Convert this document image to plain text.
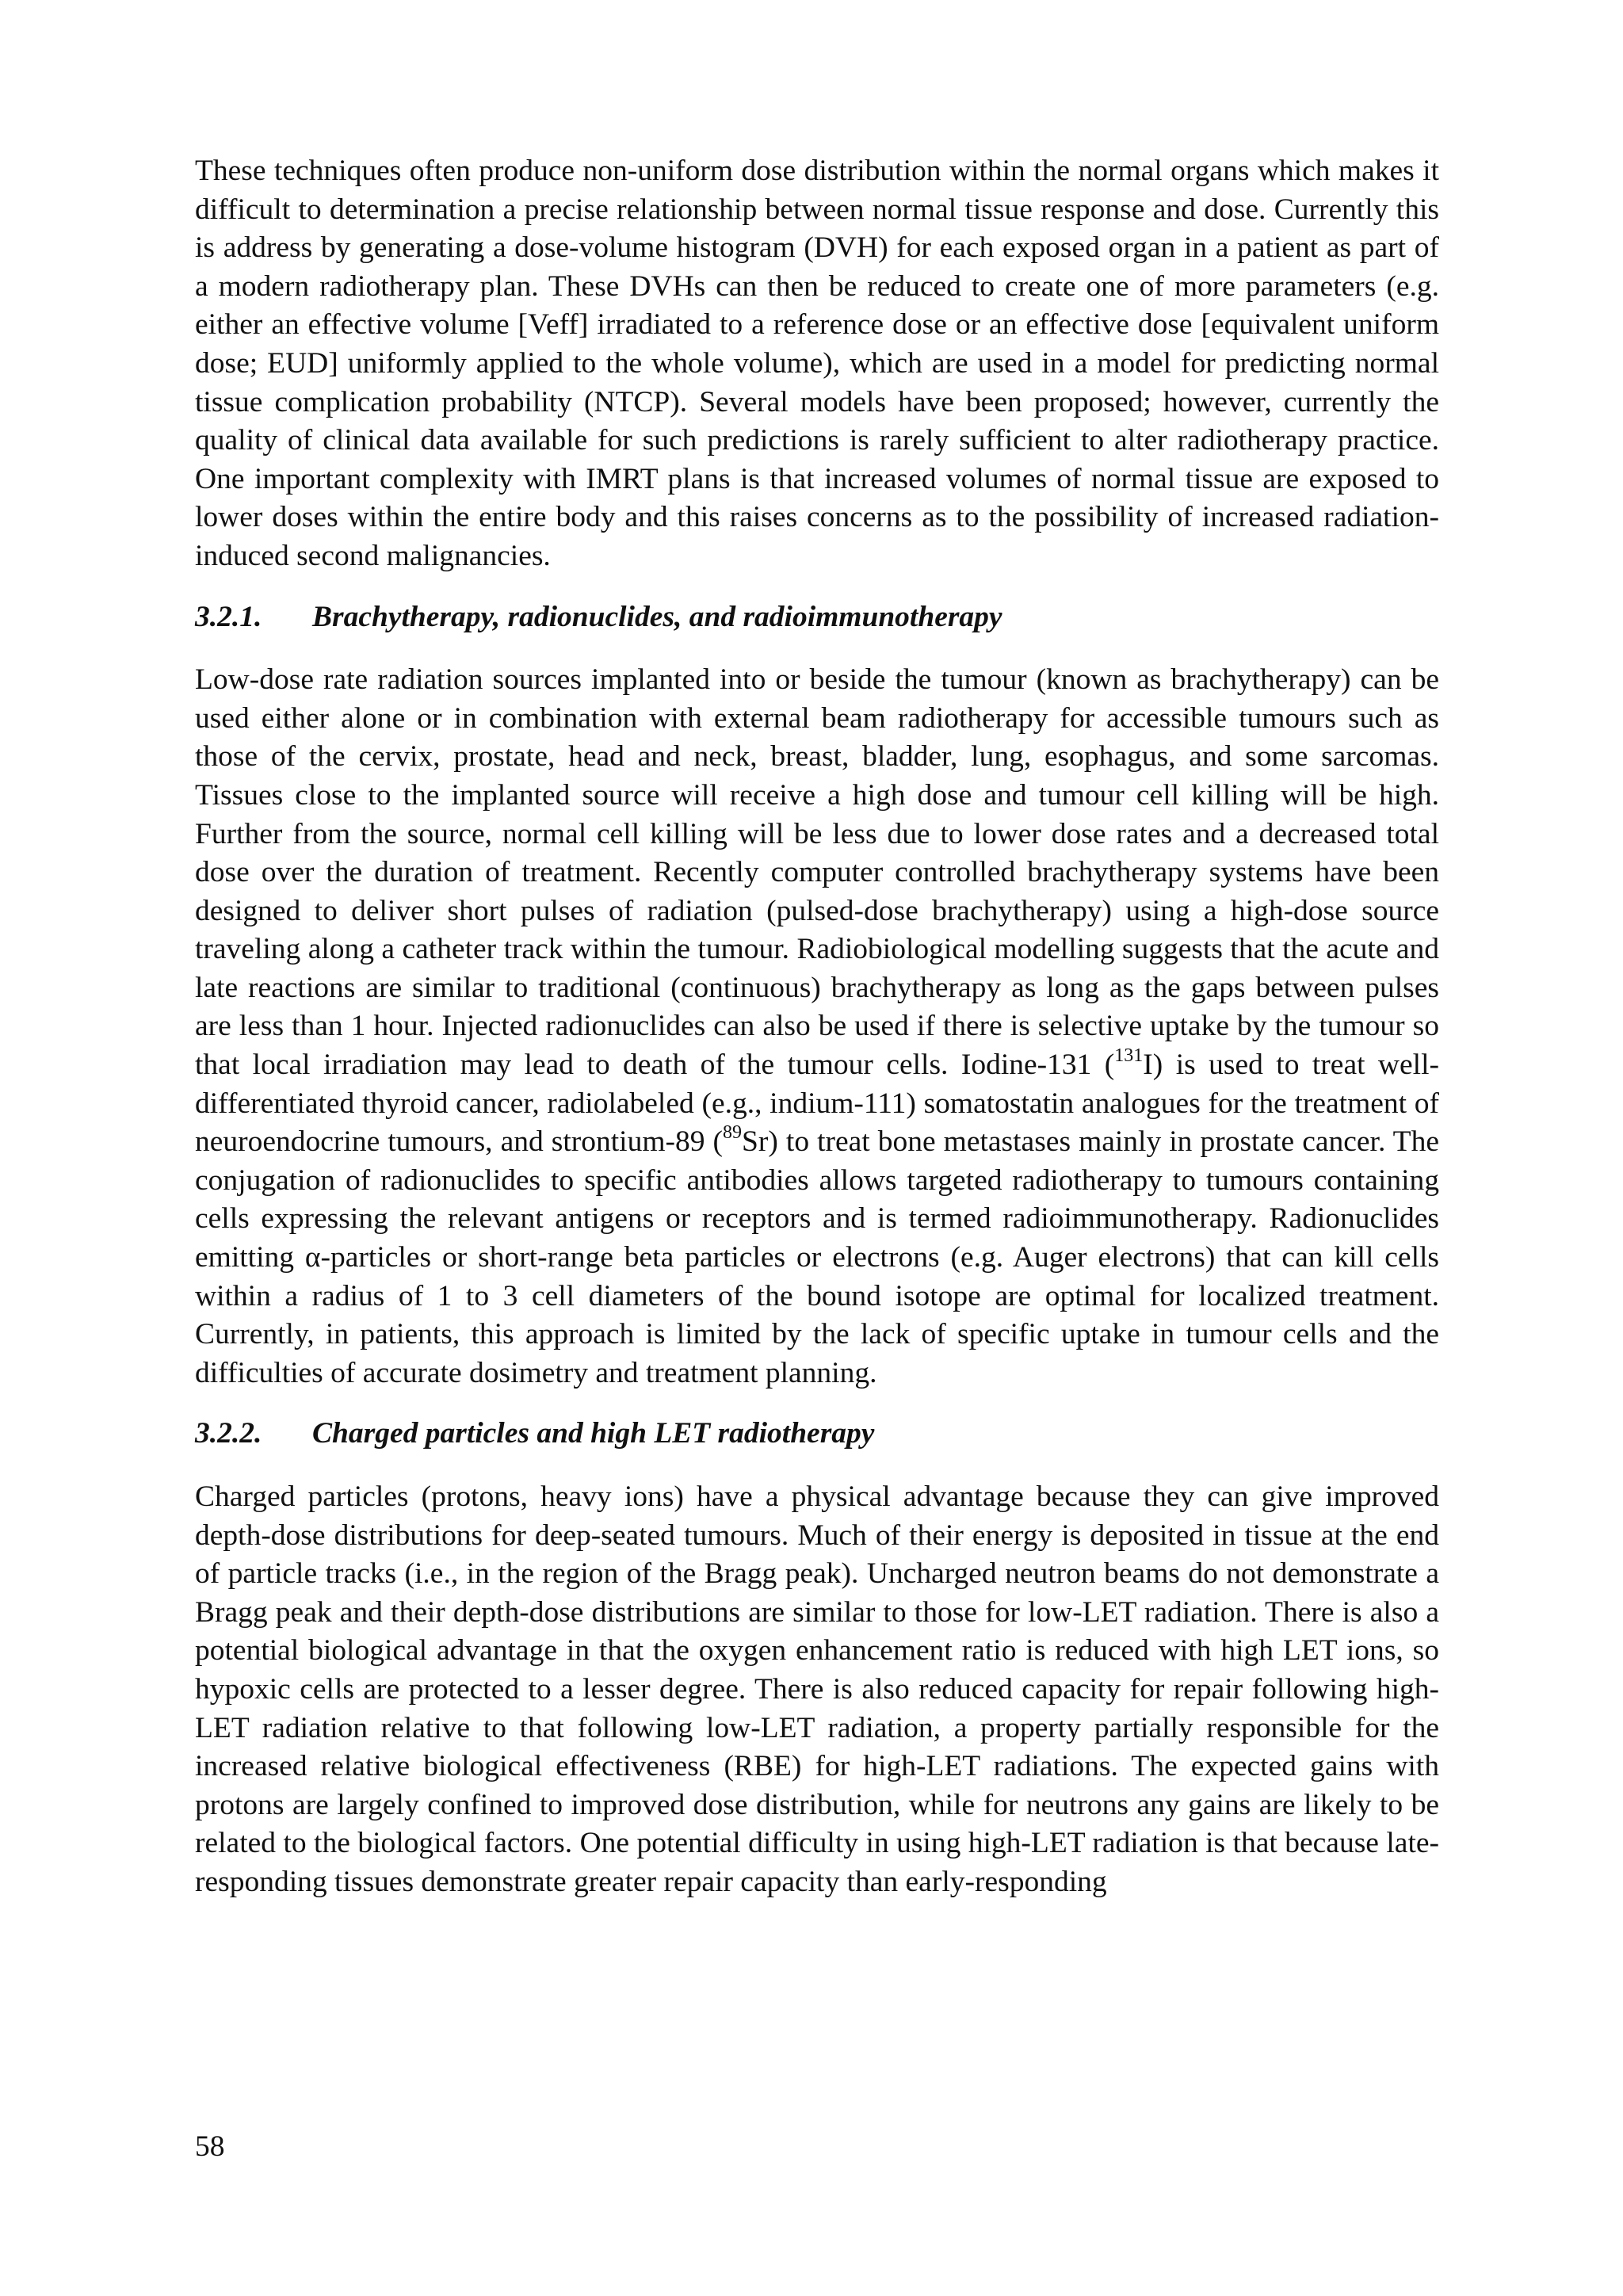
These techniques often produce non-uniform dose distribution within the normal organs which makes it difficult to determination a precise relationship between normal tissue response and dose. Currently this is address by generating a dose-volume histogram (DVH) for each exposed organ in a patient as part of a modern radiotherapy plan. These DVHs can then be reduced to create one of more parameters (e.g. either an effective volume [Veff] irradiated to a reference dose or an effective dose [equivalent uniform dose; EUD] uniformly applied to the whole volume), which are used in a model for predicting normal tissue complication probability (NTCP). Several models have been proposed; however, currently the quality of clinical data available for such predictions is rarely sufficient to alter radiotherapy practice. One important complexity with IMRT plans is that increased volumes of normal tissue are exposed to lower doses within the entire body and this raises concerns as to the possibility of increased radiation-induced second malignancies.

3.2.1.	Brachytherapy, radionuclides, and radioimmunotherapy

Low-dose rate radiation sources implanted into or beside the tumour (known as brachytherapy) can be used either alone or in combination with external beam radiotherapy for accessible tumours such as those of the cervix, prostate, head and neck, breast, bladder, lung, esophagus, and some sarcomas. Tissues close to the implanted source will receive a high dose and tumour cell killing will be high. Further from the source, normal cell killing will be less due to lower dose rates and a decreased total dose over the duration of treatment. Recently computer controlled brachytherapy systems have been designed to deliver short pulses of radiation (pulsed-dose brachytherapy) using a high-dose source traveling along a catheter track within the tumour. Radiobiological modelling suggests that the acute and late reactions are similar to traditional (continuous) brachytherapy as long as the gaps between pulses are less than 1 hour. Injected radionuclides can also be used if there is selective uptake by the tumour so that local irradiation may lead to death of the tumour cells. Iodine-131 ($^{131}$I) is used to treat well-differentiated thyroid cancer, radiolabeled (e.g., indium-111) somatostatin analogues for the treatment of neuroendocrine tumours, and strontium-89 ($^{89}$Sr) to treat bone metastases mainly in prostate cancer. The conjugation of radionuclides to specific antibodies allows targeted radiotherapy to tumours containing cells expressing the relevant antigens or receptors and is termed radioimmunotherapy. Radionuclides emitting α-particles or short-range beta particles or electrons (e.g. Auger electrons) that can kill cells within a radius of 1 to 3 cell diameters of the bound isotope are optimal for localized treatment. Currently, in patients, this approach is limited by the lack of specific uptake in tumour cells and the difficulties of accurate dosimetry and treatment planning.

3.2.2.	Charged particles and high LET radiotherapy

Charged particles (protons, heavy ions) have a physical advantage because they can give improved depth-dose distributions for deep-seated tumours. Much of their energy is deposited in tissue at the end of particle tracks (i.e., in the region of the Bragg peak). Uncharged neutron beams do not demonstrate a Bragg peak and their depth-dose distributions are similar to those for low-LET radiation. There is also a potential biological advantage in that the oxygen enhancement ratio is reduced with high LET ions, so hypoxic cells are protected to a lesser degree. There is also reduced capacity for repair following high-LET radiation relative to that following low-LET radiation, a property partially responsible for the increased relative biological effectiveness (RBE) for high-LET radiations. The expected gains with protons are largely confined to improved dose distribution, while for neutrons any gains are likely to be related to the biological factors. One potential difficulty in using high-LET radiation is that because late-responding tissues demonstrate greater repair capacity than early-responding

58
